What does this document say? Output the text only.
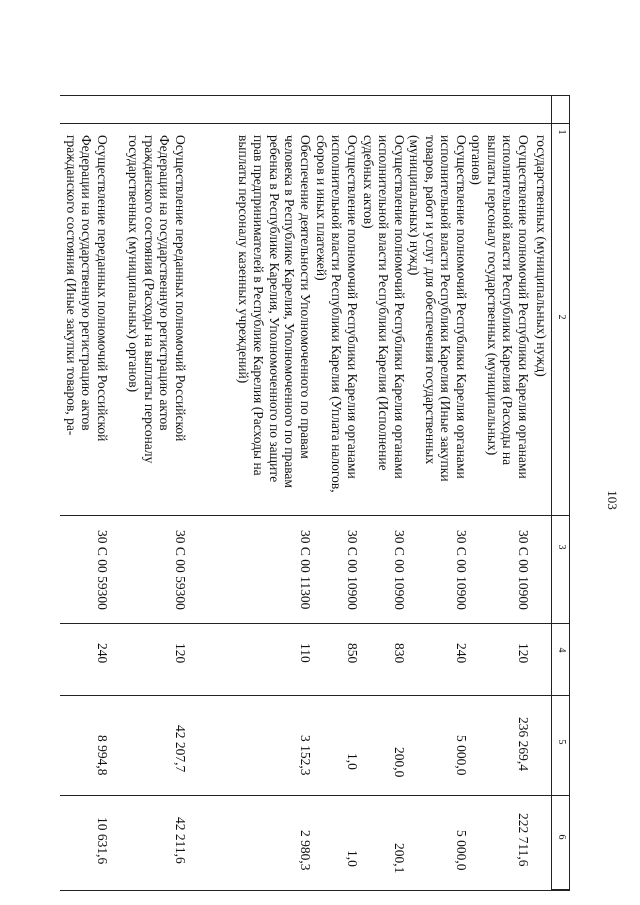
103
1
2
3
4
5
6
государственных (муниципальных) нужд)
Осуществление полномочий Республики Карелия органами исполнительной власти Республики Карелия (Расходы на выплаты персоналу государственных (муниципальных) органов)
30 С 00 10900
120
236 269,4
222 711,6
Осуществление полномочий Республики Карелия органами исполнительной власти Республики Карелия (Иные закупки товаров, работ и услуг для обеспечения государственных (муниципальных) нужд)
30 С 00 10900
240
5 000,0
5 000,0
Осуществление полномочий Республики Карелия органами исполнительной власти Республики Карелия (Исполнение судебных актов)
30 С 00 10900
830
200,0
200,1
Осуществление полномочий Республики Карелия органами исполнительной власти Республики Карелия (Уплата налогов, сборов и иных платежей)
30 С 00 10900
850
1,0
1,0
Обеспечение деятельности Уполномоченного по правам человека в Республике Карелия, Уполномоченного по правам ребенка в Республике Карелия, Уполномоченного по защите прав предпринимателей в Республике Карелия (Расходы на выплаты персоналу казенных учреждений)
30 С 00 11300
110
3 152,3
2 980,3
Осуществление переданных полномочий Российской Федерации на государственную регистрацию актов гражданского состояния (Расходы на выплаты персоналу государственных (муниципальных) органов)
30 С 00 59300
120
42 207,7
42 211,6
Осуществление переданных полномочий Российской Федерации на государственную регистрацию актов гражданского состояния (Иные закупки товаров, ра-
30 С 00 59300
240
8 994,8
10 631,6
